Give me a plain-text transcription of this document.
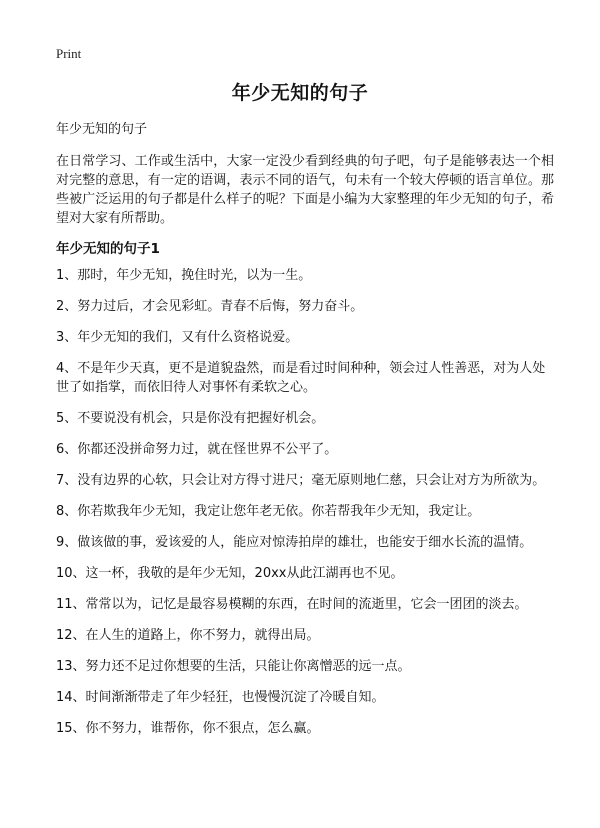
Print
年少无知的句子

年少无知的句子

在日常学习、工作或生活中，大家一定没少看到经典的句子吧，句子是能够表达一个相对完整的意思，有一定的语调，表示不同的语气，句未有一个较大停顿的语言单位。那些被广泛运用的句子都是什么样子的呢？下面是小编为大家整理的年少无知的句子，希望对大家有所帮助。

年少无知的句子1
1、那时，年少无知，挽住时光，以为一生。
2、努力过后，才会见彩虹。青春不后悔，努力奋斗。
3、年少无知的我们，又有什么资格说爱。
4、不是年少天真，更不是道貌盎然，而是看过时间种种，领会过人性善恶，对为人处世了如指掌，而依旧待人对事怀有柔软之心。
5、不要说没有机会，只是你没有把握好机会。
6、你都还没拼命努力过，就在怪世界不公平了。
7、没有边界的心软，只会让对方得寸进尺；毫无原则地仁慈，只会让对方为所欲为。
8、你若欺我年少无知，我定让您年老无依。你若帮我年少无知，我定让。
9、做该做的事，爱该爱的人，能应对惊涛拍岸的雄壮，也能安于细水长流的温情。
10、这一杯，我敬的是年少无知，20xx从此江湖再也不见。
11、常常以为，记忆是最容易模糊的东西，在时间的流逝里，它会一团团的淡去。
12、在人生的道路上，你不努力，就得出局。
13、努力还不足过你想要的生活，只能让你离憎恶的远一点。
14、时间渐渐带走了年少轻狂，也慢慢沉淀了冷暖自知。
15、你不努力，谁帮你，你不狠点，怎么赢。
